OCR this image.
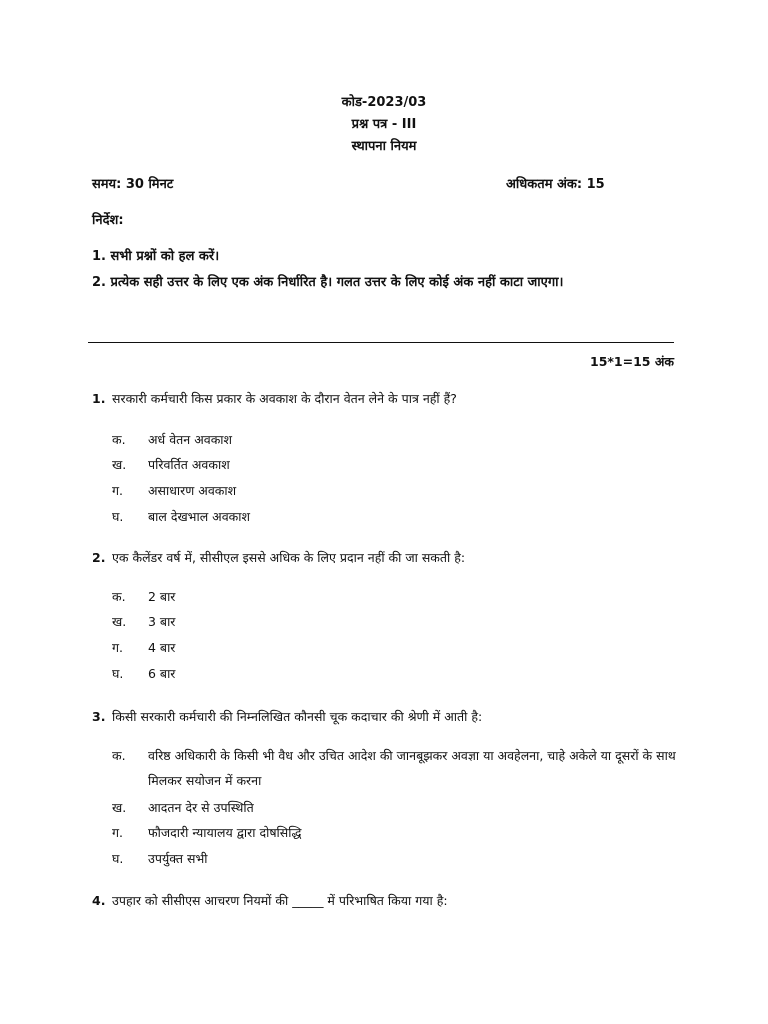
कोड-2023/03
प्रश्न पत्र - III
स्थापना नियम
समय: 30 मिनट	अधिकतम अंक: 15
निर्देश:
1. सभी प्रश्नों को हल करें।
2. प्रत्येक सही उत्तर के लिए एक अंक निर्धारित है। गलत उत्तर के लिए कोई अंक नहीं काटा जाएगा।
15*1=15 अंक
1. सरकारी कर्मचारी किस प्रकार के अवकाश के दौरान वेतन लेने के पात्र नहीं हैं?
क. अर्ध वेतन अवकाश
ख. परिवर्तित अवकाश
ग. असाधारण अवकाश
घ. बाल देखभाल अवकाश
2. एक कैलेंडर वर्ष में, सीसीएल इससे अधिक के लिए प्रदान नहीं की जा सकती है:
क. 2 बार
ख. 3 बार
ग. 4 बार
घ. 6 बार
3. किसी सरकारी कर्मचारी की निम्नलिखित कौनसी चूक कदाचार की श्रेणी में आती है:
क. वरिष्ठ अधिकारी के किसी भी वैध और उचित आदेश की जानबूझकर अवज्ञा या अवहेलना, चाहे अकेले या दूसरों के साथ मिलकर सयोजन में करना
ख. आदतन देर से उपस्थिति
ग. फौजदारी न्यायालय द्वारा दोषसिद्धि
घ. उपर्युक्त सभी
4. उपहार को सीसीएस आचरण नियमों की _____ में परिभाषित किया गया है:
